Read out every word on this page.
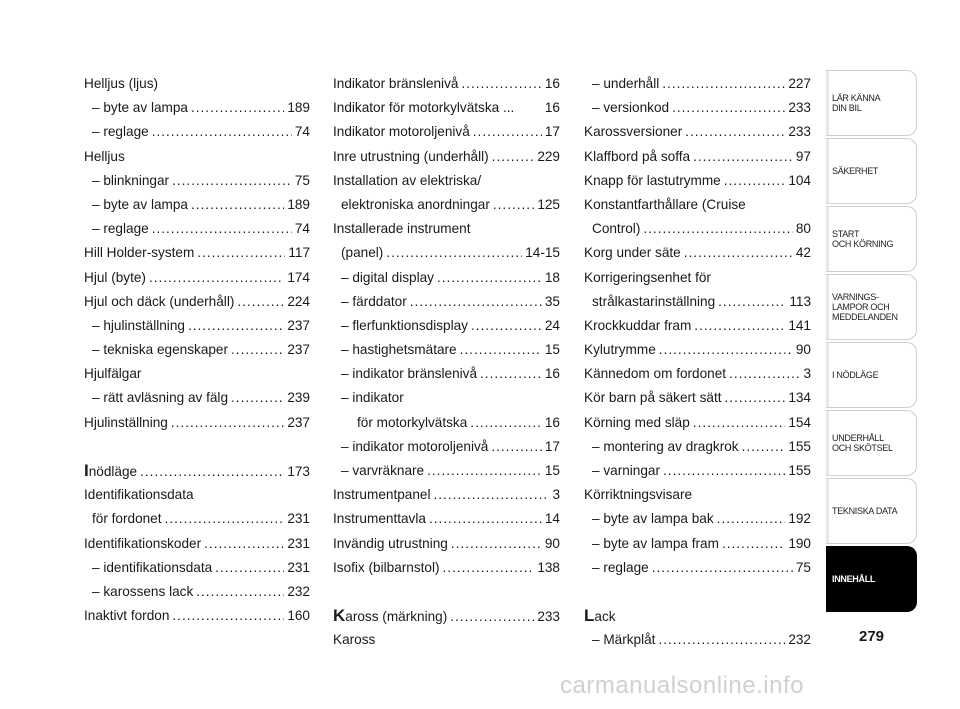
Helljus (ljus)
– byte av lampa .....	189
– reglage .....	74
Helljus
– blinkningar .....	75
– byte av lampa .....	189
– reglage .....	74
Hill Holder-system .....	117
Hjul (byte) .....	174
Hjul och däck (underhåll) .....	224
– hjulinställning .....	237
– tekniska egenskaper .....	237
Hjulfälgar
– rätt avläsning av fälg .....	239
Hjulinställning .....	237
I nödläge .....	173
Identifikationsdata
för fordonet .....	231
Identifikationskoder .....	231
– identifikationsdata .....	231
– karossens lack .....	232
Inaktivt fordon .....	160
Indikator bränslenivå .....	16
Indikator för motorkylvätska ...	16
Indikator motoroljenivå .....	17
Inre utrustning (underhåll) .....	229
Installation av elektriska/
elektroniska anordningar .....	125
Installerade instrument
(panel) .....	14-15
– digital display .....	18
– färddator .....	35
– flerfunktionsdisplay .....	24
– hastighetsmätare .....	15
– indikator bränslenivå .....	16
– indikator
för motorkylvätska .....	16
– indikator motoroljenivå .....	17
– varvräknare .....	15
Instrumentpanel .....	3
Instrumenttavla .....	14
Invändig utrustning .....	90
Isofix (bilbarnstol) .....	138
K aross (märkning) .....	233
Kaross
– underhåll .....	227
– versionkod .....	233
Karossversioner .....	233
Klaffbord på soffa .....	97
Knapp för lastutrymme .....	104
Konstantfarthållare (Cruise
Control) .....	80
Korg under säte .....	42
Korrigeringsenhet för
strålkastarinställning .....	113
Krockkuddar fram .....	141
Kylutrymme .....	90
Kännedom om fordonet .....	3
Kör barn på säkert sätt .....	134
Körning med släp .....	154
– montering av dragkrok .....	155
– varningar .....	155
Körriktningsvisare
– byte av lampa bak .....	192
– byte av lampa fram .....	190
– reglage .....	75
Lack
– Märkplåt .....	232
LÄR KÄNNA
DIN BIL
SÄKERHET
START
OCH KÖRNING
VARNINGS-
LAMPOR OCH
MEDDELANDEN
I NÖDLÄGE
UNDERHÅLL
OCH SKÖTSEL
TEKNISKA DATA
INNEHÅLL
279
carmanualsonline.info
